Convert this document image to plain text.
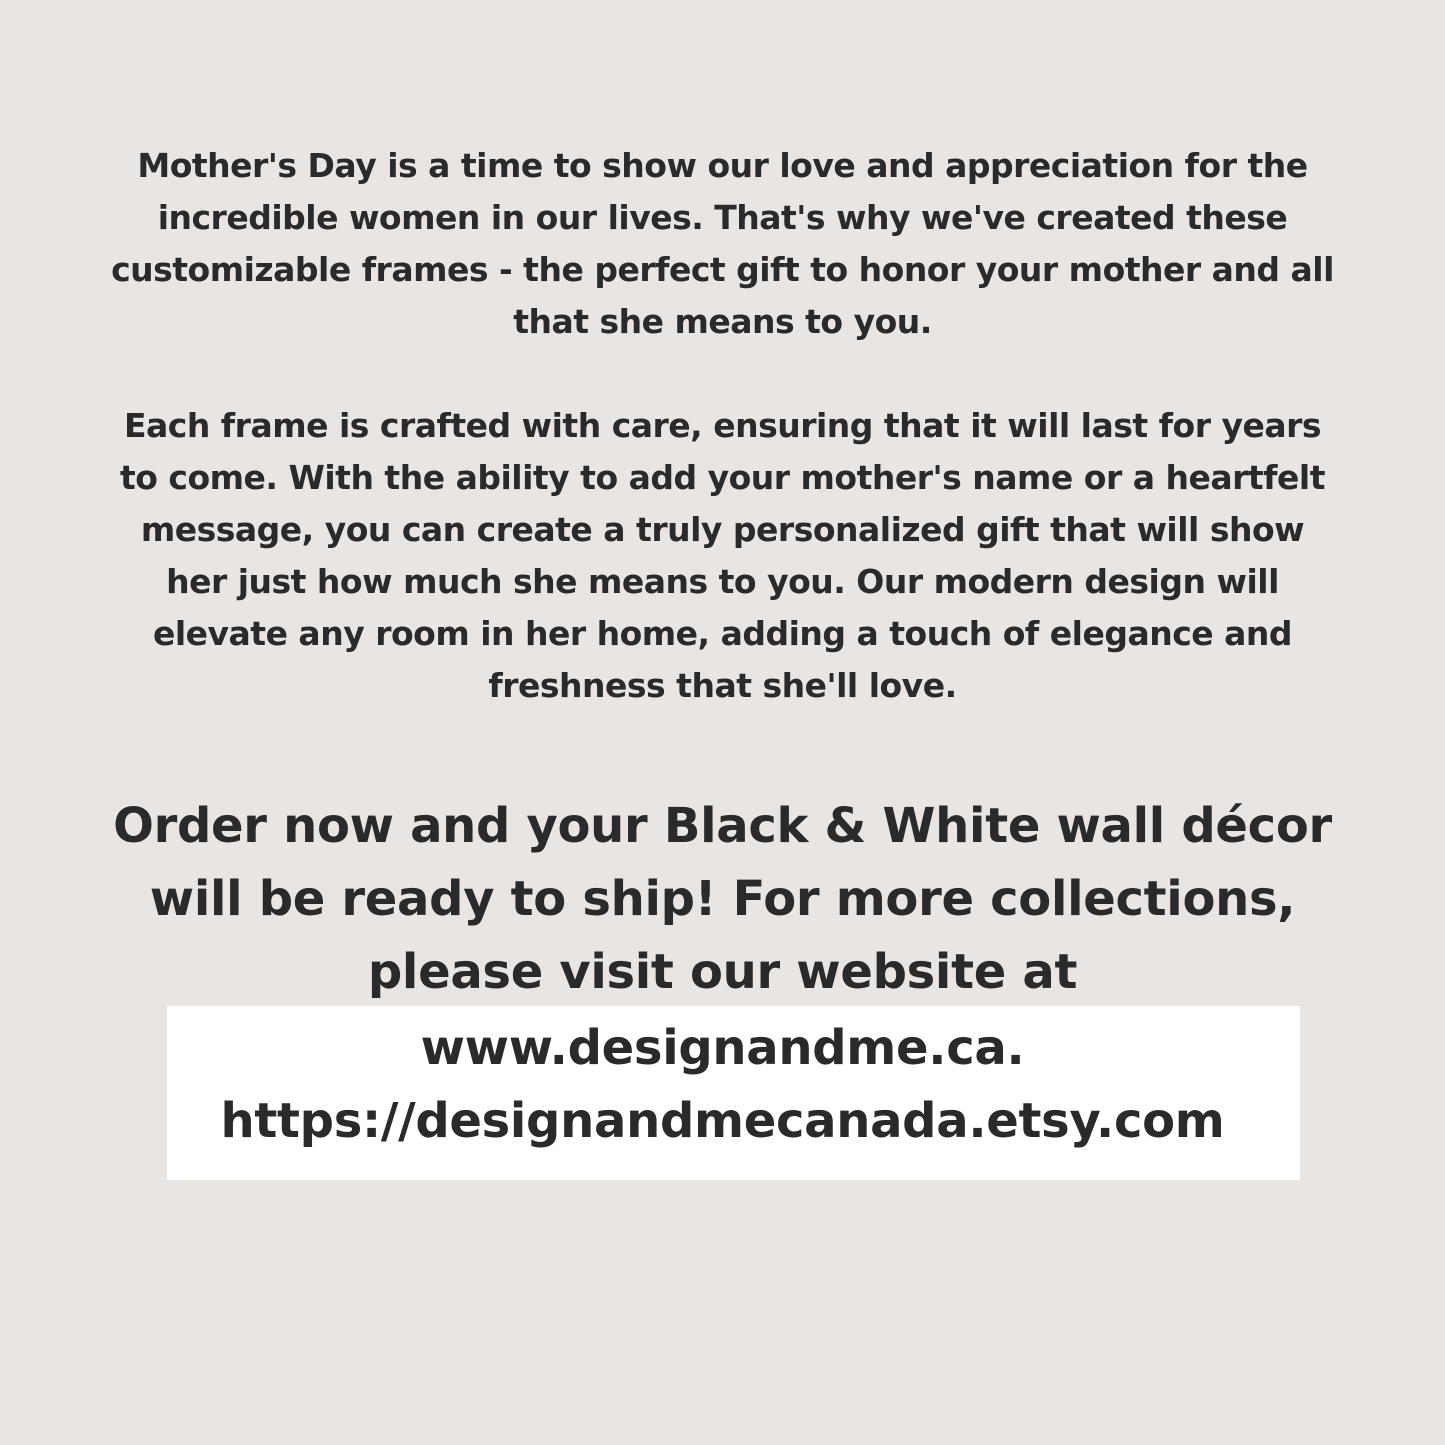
Mother's Day is a time to show our love and appreciation for the incredible women in our lives. That's why we've created these customizable frames - the perfect gift to honor your mother and all that she means to you.

Each frame is crafted with care, ensuring that it will last for years to come. With the ability to add your mother's name or a heartfelt message, you can create a truly personalized gift that will show her just how much she means to you. Our modern design will elevate any room in her home, adding a touch of elegance and freshness that she'll love.

Order now and your Black & White wall décor will be ready to ship! For more collections, please visit our website at

www.designandme.ca.
https://designandmecanada.etsy.com
